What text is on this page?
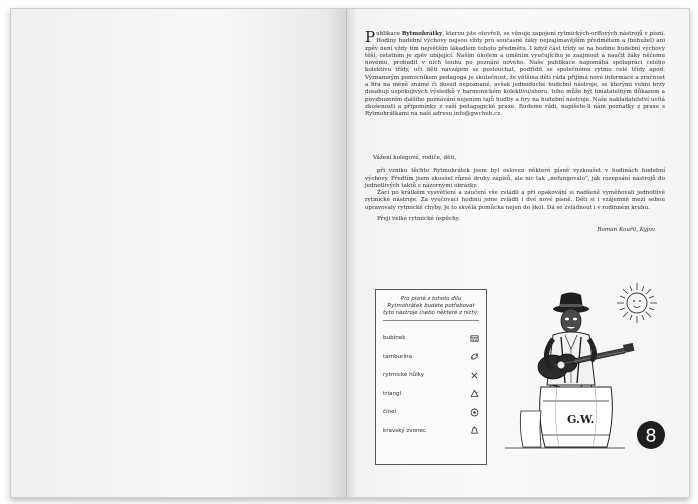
Publikace Rytmohrátky, kterou jste otevřeli, se věnuje zapojení rytmických-orffových nástrojů v písni. Hodiny hudební výchovy nejsou vždy pro současné žáky nejzajímavějším předmětem a (bohužel) ani zpěv není vždy tím největším lákadlem tohoto předmětu. I když část třídy se na hodinu hudební výchovy těší, ostatním je zpěv ubíjející. Naším úkolem a uměním vyučujícího je zaujmout a naučit žáky něčemu novému, probudit v nich touhu po poznání nového. Naše publikace napomáhá spolupráci celého kolektivu třídy, učí děti navzájem se poslouchat, podřídit se společnému rytmu celé třídy apod. Významným pomocníkem pedagoga je skutečnost, že většina dětí ráda přijímá nové informace a zručnost a hra na méně známé či dosud nepoznané, avšak jednoduché hudební nástroje, se kterými velmi brzy dosahují uspokojivých výsledků v harmonickém kolektivu/sboru, toho může být hmatatelným důkazem a povzbuzením dalšího poznávání nejenom tajů hudby a hry na hudební nástroje. Naše nakladatelství uvítá zkušenosti a připomínky z vaší pedagogické praxe. Budeme rádi, napíšete-li nám poznatky z praxe s Rytmohrátkami na naší adresu info@gwcheb.cz.

Vážení kolegové, rodiče, děti,

při vzniku těchto Rytmohrátek jsem byl osloven některé písně vyzkoušet v hodinách hudební výchovy. Předtím jsem zkoušel různé druhy zápisů, ale nic tak „nefungovalo“, jak rozepsání nástrojů do jednotlivých taktů s názornými obrázky.

Žáci po krátkém vysvětlení a zaučení vše zvládli a při opakování si nadšeně vyměňovali jednotlivé rytmické nástroje. Za vyučovací hodinu jsme zvládli i dvě nové písně. Děti si i vzájemně mezi sebou opravovaly rytmické chyby. Je to skvělá pomůcka nejen do škol. Dá se zvládnout i v rodinném kruhu.

Přeji velké rytmické úspěchy.

Roman Kouřil, Kyjov

Pro písně z tohoto dílu Rytmohrátek budete potřebovat tyto nástroje (nebo některé z nich):

bubínek
tamburína
rytmické hůlky
triangl
činel
kravský zvonec
G.W.
8
